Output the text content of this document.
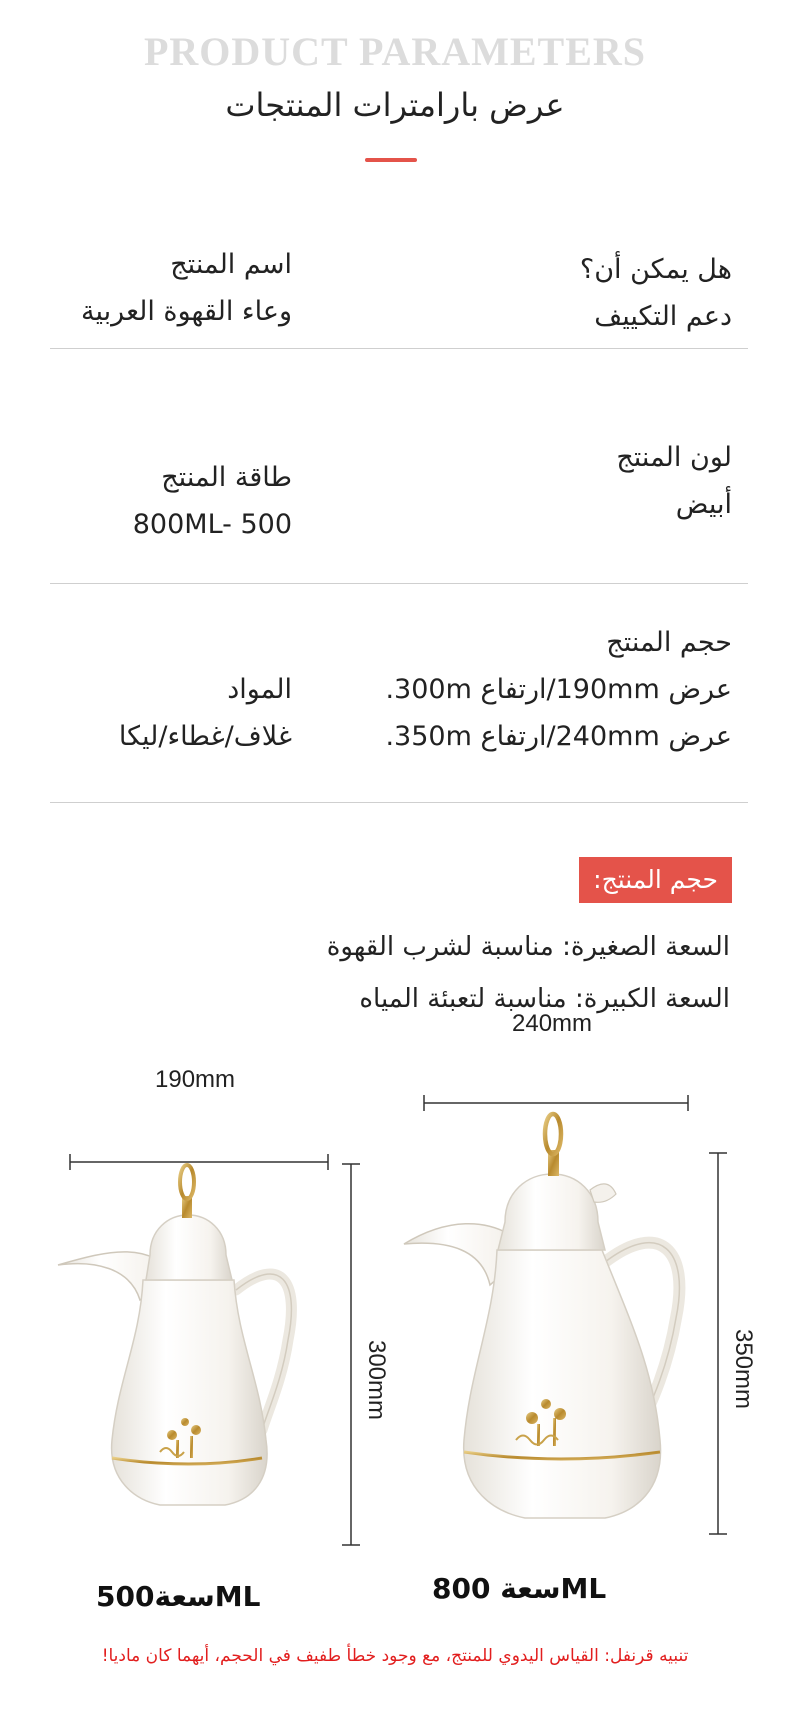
PRODUCT PARAMETERS
عرض بارامترات المنتجات
هل يمكن أن؟
دعم التكييف
اسم المنتج
وعاء القهوة العربية
لون المنتج
أبيض
طاقة المنتج
800ML- 500
حجم المنتج
عرض 190mm/ارتفاع 300m.
عرض 240mm/ارتفاع 350m.
المواد
غلاف/غطاء/ليكا
حجم المنتج:
السعة الصغيرة: مناسبة لشرب القهوة
السعة الكبيرة: مناسبة لتعبئة المياه
240mm
190mm
300mm	350mm
سعة 800ML
سعة500ML
تنبيه قرنفل: القياس اليدوي للمنتج، مع وجود خطأ طفيف في الحجم، أيهما كان ماديا!
